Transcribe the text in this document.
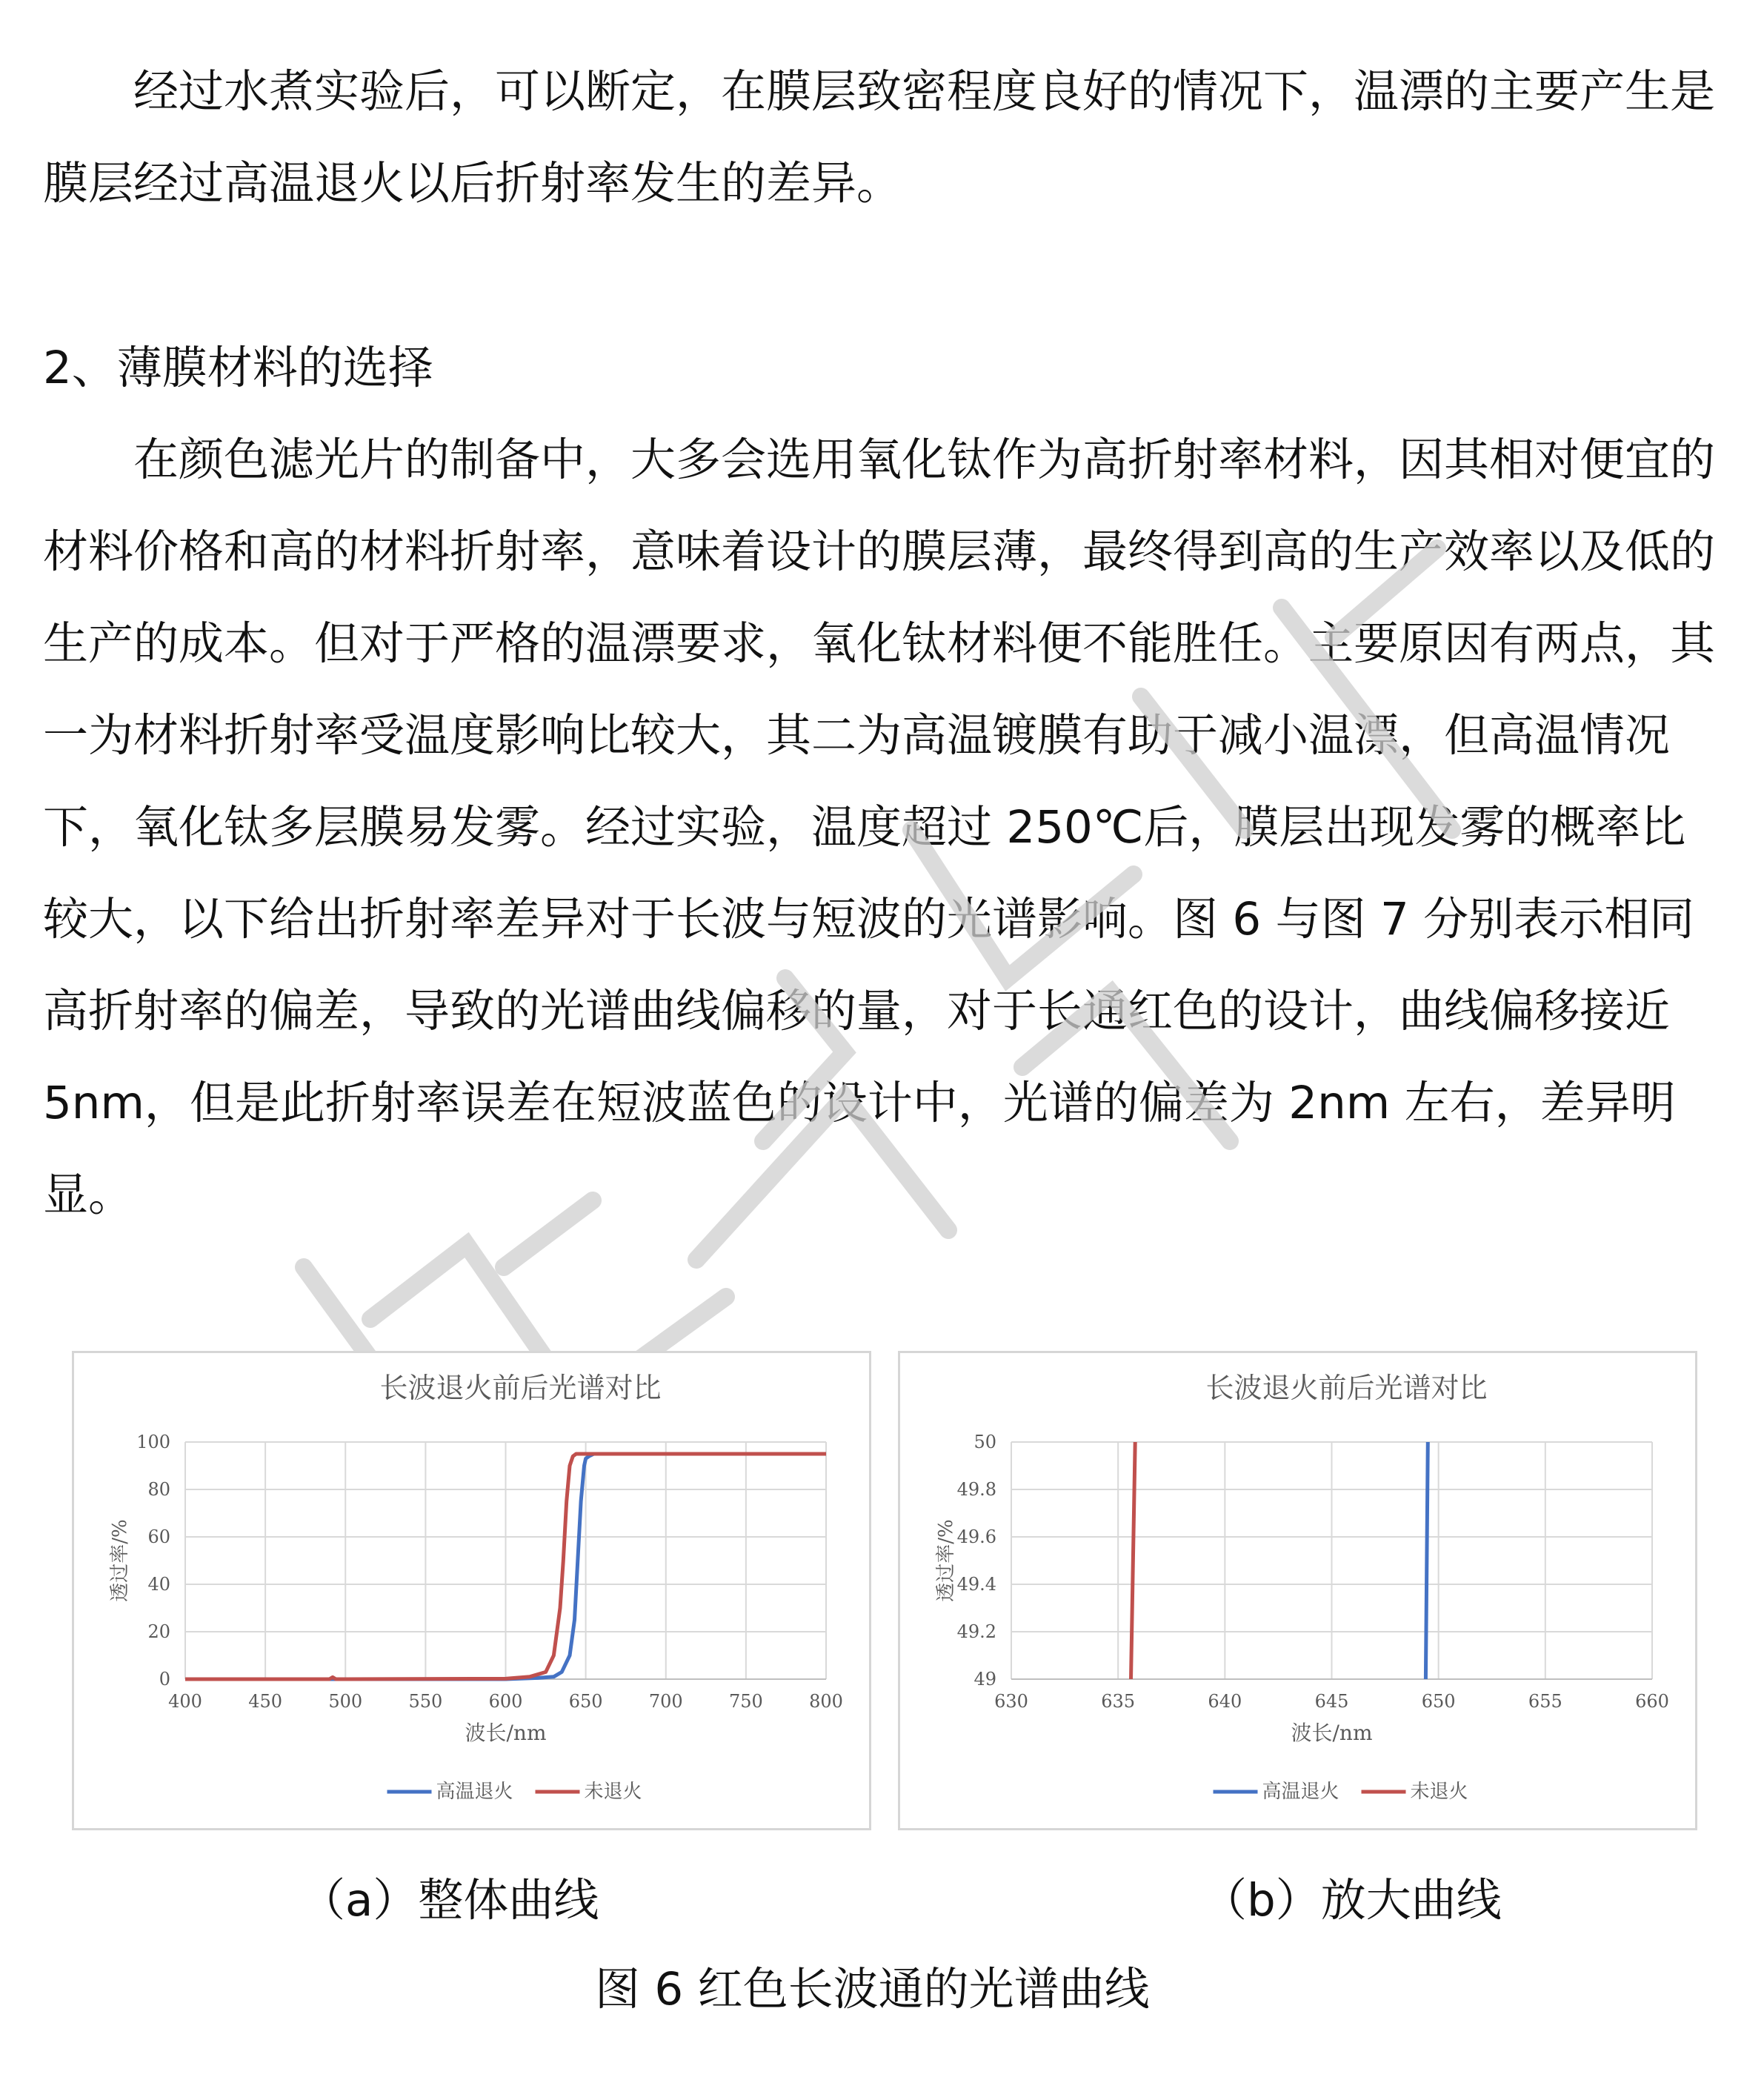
经过水煮实验后，可以断定，在膜层致密程度良好的情况下，温漂的主要产生是膜层经过高温退火以后折射率发生的差异。

2、薄膜材料的选择

在颜色滤光片的制备中，大多会选用氧化钛作为高折射率材料，因其相对便宜的材料价格和高的材料折射率，意味着设计的膜层薄，最终得到高的生产效率以及低的生产的成本。但对于严格的温漂要求，氧化钛材料便不能胜任。主要原因有两点，其一为材料折射率受温度影响比较大，其二为高温镀膜有助于减小温漂，但高温情况下，氧化钛多层膜易发雾。经过实验，温度超过 250℃后，膜层出现发雾的概率比较大，以下给出折射率差异对于长波与短波的光谱影响。图 6 与图 7 分别表示相同高折射率的偏差，导致的光谱曲线偏移的量，对于长通红色的设计，曲线偏移接近 5nm，但是此折射率误差在短波蓝色的设计中，光谱的偏差为 2nm 左右，差异明显。

长波退火前后光谱对比
0
20
40
60
80
100
400	450	500	550	600	650	700	750	800
波长/nm
透过率/%
高温退火	未退火
长波退火前后光谱对比
49
49.2
49.4
49.6
49.8
50
630	635	640	645	650	655	660
波长/nm
透过率/%
高温退火	未退火
（a）整体曲线	（b）放大曲线
图 6 红色长波通的光谱曲线
